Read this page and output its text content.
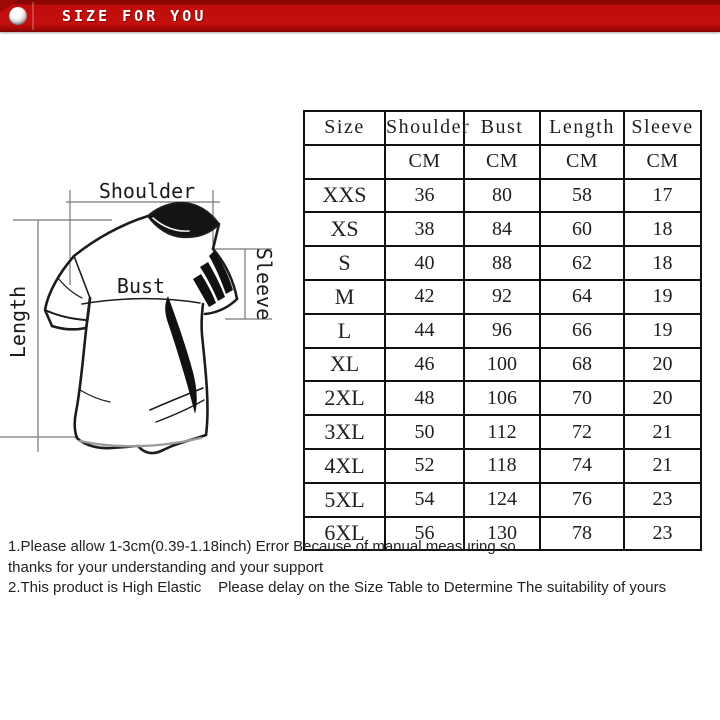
SIZE FOR YOU
Shoulder
Bust	Sleeve
Length
Size	Shoulder	Bust	Length	Sleeve
	CM	CM	CM	CM
XXS	36	80	58	17
XS	38	84	60	18
S	40	88	62	18
M	42	92	64	19
L	44	96	66	19
XL	46	100	68	20
2XL	48	106	70	20
3XL	50	112	72	21
4XL	52	118	74	21
5XL	54	124	76	23
6XL	56	130	78	23
1.Please allow 1-3cm(0.39-1.18inch) Error Because of manual measuring so
thanks for your understanding and your support
2.This product is High Elastic    Please delay on the Size Table to Determine The suitability of yours
